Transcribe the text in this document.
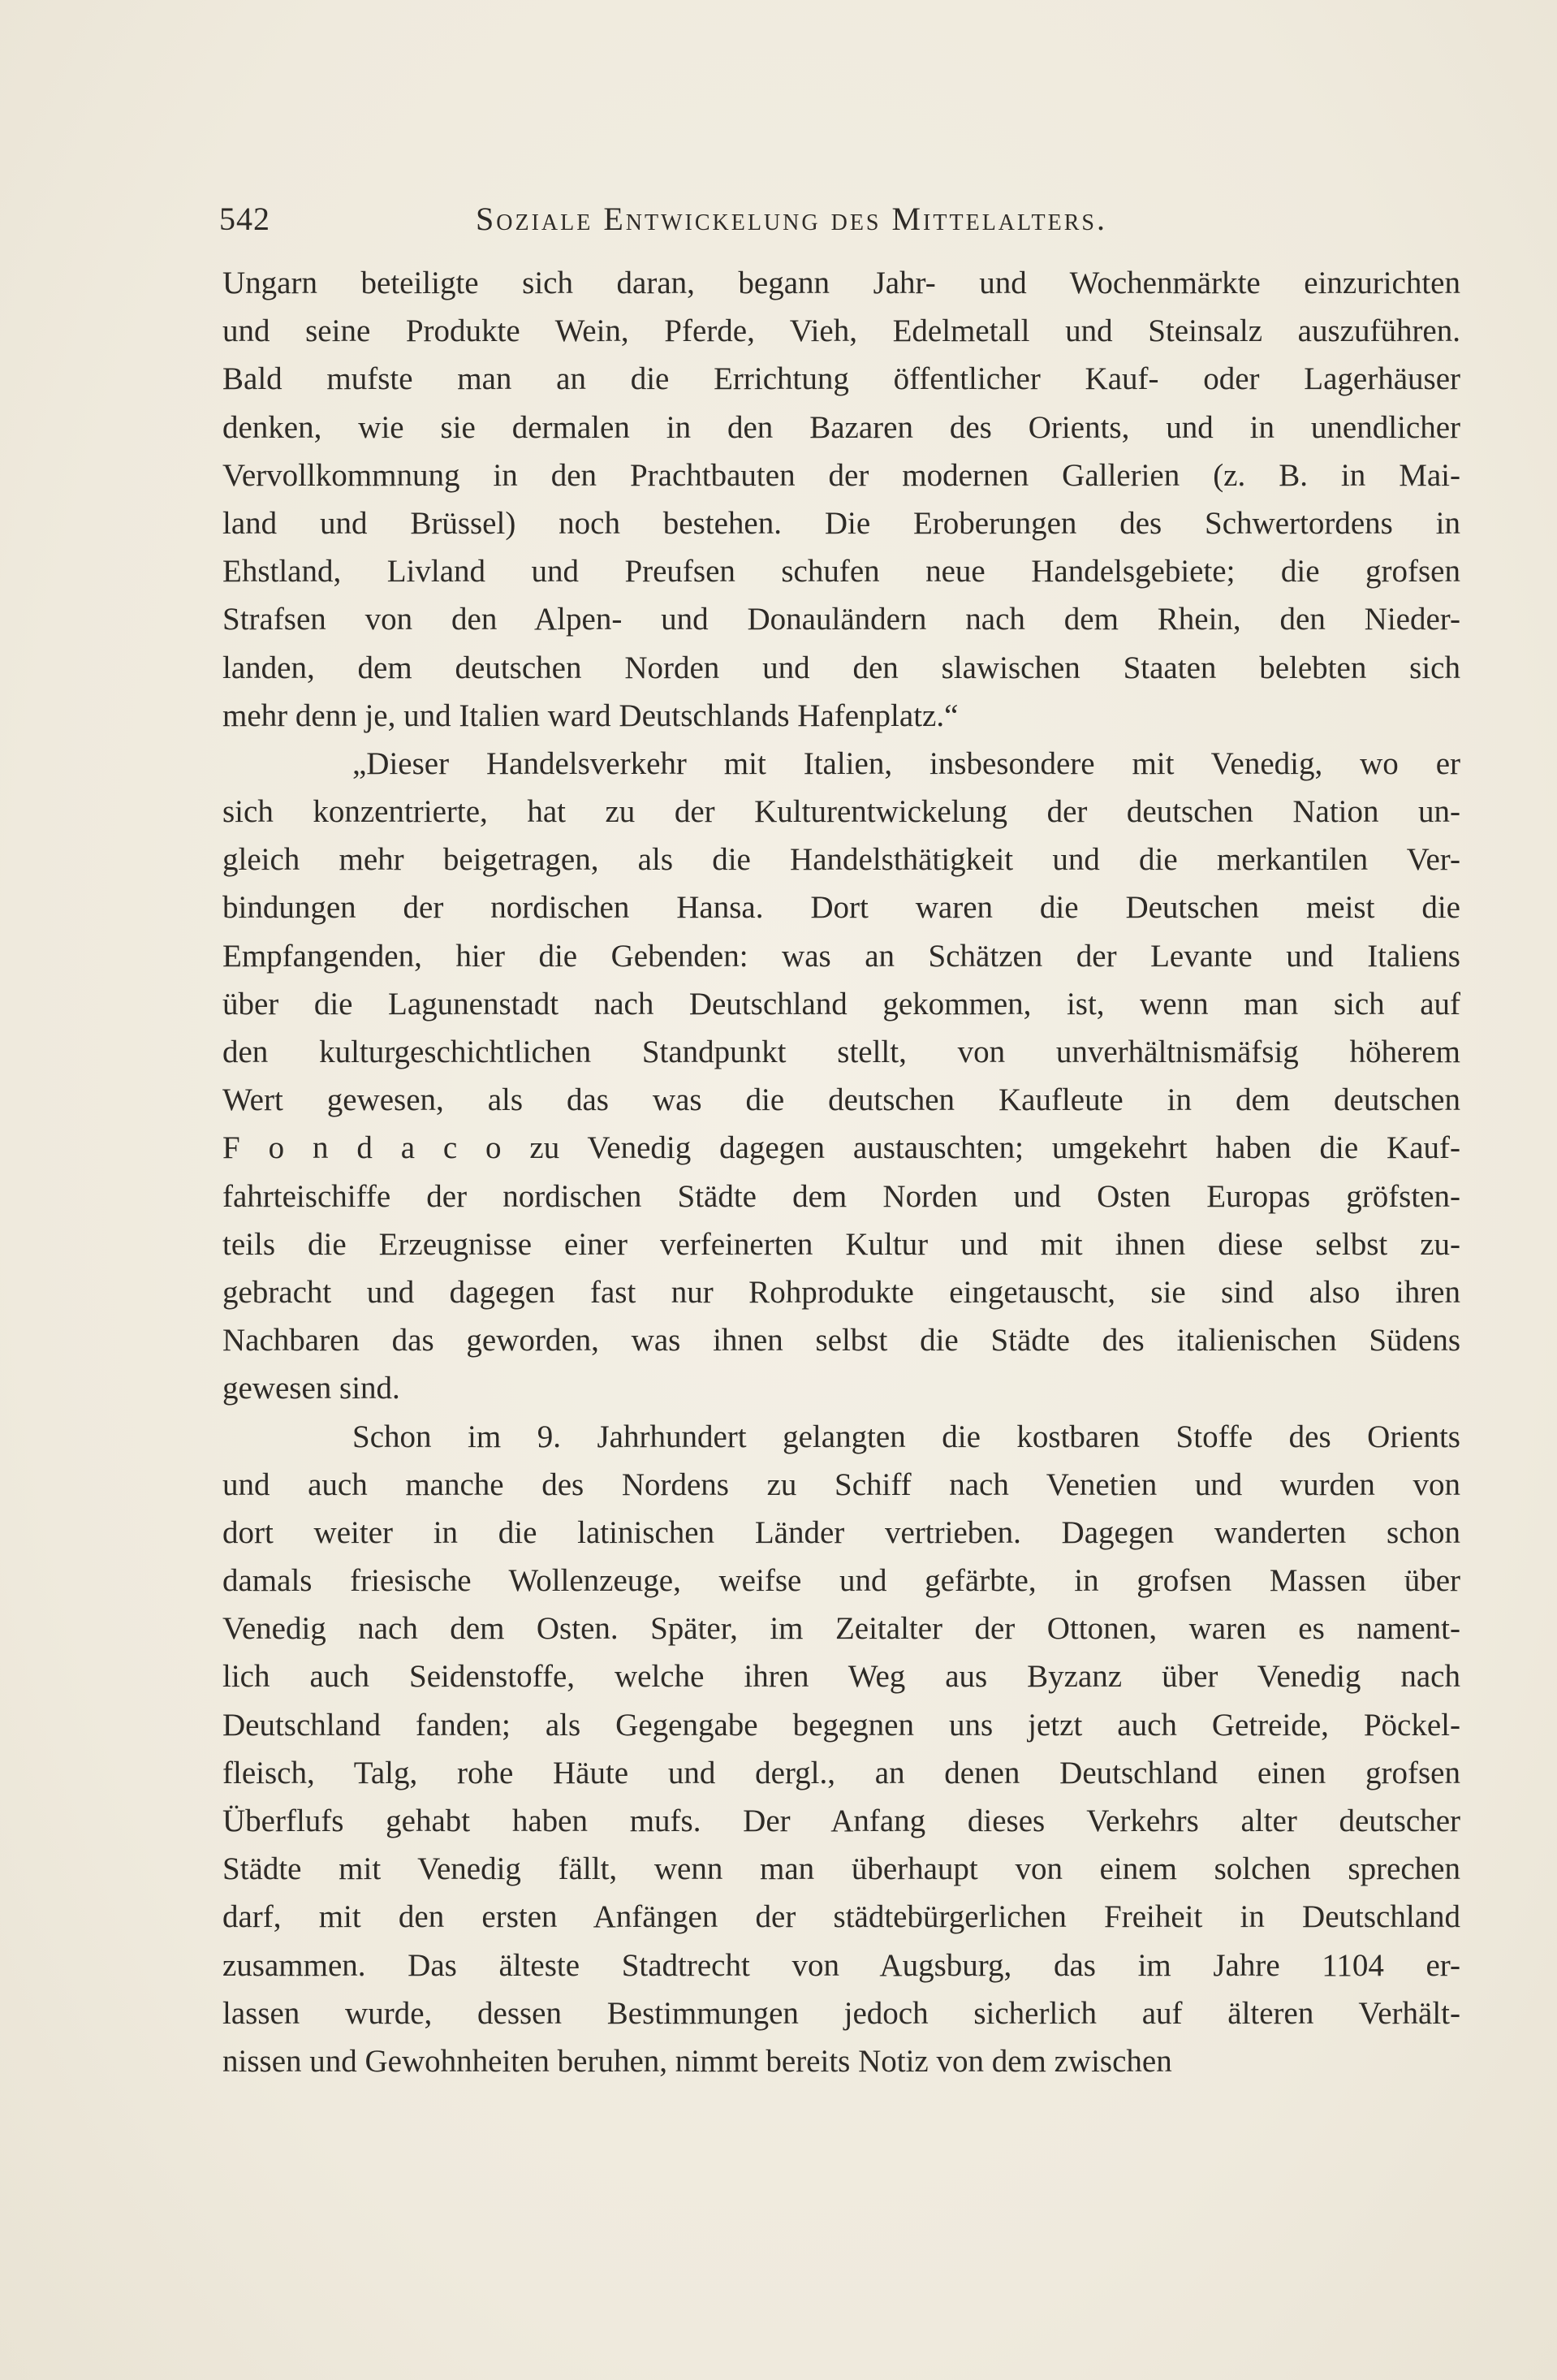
542	Soziale Entwickelung des Mittelalters.
Ungarn beteiligte sich daran, begann Jahr- und Wochenmärkte einzurichten
und seine Produkte Wein, Pferde, Vieh, Edelmetall und Steinsalz auszuführen.
Bald mufste man an die Errichtung öffentlicher Kauf- oder Lagerhäuser
denken, wie sie dermalen in den Bazaren des Orients, und in unendlicher
Vervollkommnung in den Prachtbauten der modernen Gallerien (z. B. in Mai-
land und Brüssel) noch bestehen. Die Eroberungen des Schwertordens in
Ehstland, Livland und Preufsen schufen neue Handelsgebiete; die grofsen
Strafsen von den Alpen- und Donauländern nach dem Rhein, den Nieder-
landen, dem deutschen Norden und den slawischen Staaten belebten sich
mehr denn je, und Italien ward Deutschlands Hafenplatz.“
„Dieser Handelsverkehr mit Italien, insbesondere mit Venedig, wo er
sich konzentrierte, hat zu der Kulturentwickelung der deutschen Nation un-
gleich mehr beigetragen, als die Handelsthätigkeit und die merkantilen Ver-
bindungen der nordischen Hansa. Dort waren die Deutschen meist die
Empfangenden, hier die Gebenden: was an Schätzen der Levante und Italiens
über die Lagunenstadt nach Deutschland gekommen, ist, wenn man sich auf
den kulturgeschichtlichen Standpunkt stellt, von unverhältnismäfsig höherem
Wert gewesen, als das was die deutschen Kaufleute in dem deutschen
F o n d a c o zu Venedig dagegen austauschten; umgekehrt haben die Kauf-
fahrteischiffe der nordischen Städte dem Norden und Osten Europas gröfsten-
teils die Erzeugnisse einer verfeinerten Kultur und mit ihnen diese selbst zu-
gebracht und dagegen fast nur Rohprodukte eingetauscht, sie sind also ihren
Nachbaren das geworden, was ihnen selbst die Städte des italienischen Südens
gewesen sind.
Schon im 9. Jahrhundert gelangten die kostbaren Stoffe des Orients
und auch manche des Nordens zu Schiff nach Venetien und wurden von
dort weiter in die latinischen Länder vertrieben. Dagegen wanderten schon
damals friesische Wollenzeuge, weifse und gefärbte, in grofsen Massen über
Venedig nach dem Osten. Später, im Zeitalter der Ottonen, waren es nament-
lich auch Seidenstoffe, welche ihren Weg aus Byzanz über Venedig nach
Deutschland fanden; als Gegengabe begegnen uns jetzt auch Getreide, Pöckel-
fleisch, Talg, rohe Häute und dergl., an denen Deutschland einen grofsen
Überflufs gehabt haben mufs. Der Anfang dieses Verkehrs alter deutscher
Städte mit Venedig fällt, wenn man überhaupt von einem solchen sprechen
darf, mit den ersten Anfängen der städtebürgerlichen Freiheit in Deutschland
zusammen. Das älteste Stadtrecht von Augsburg, das im Jahre 1104 er-
lassen wurde, dessen Bestimmungen jedoch sicherlich auf älteren Verhält-
nissen und Gewohnheiten beruhen, nimmt bereits Notiz von dem zwischen
